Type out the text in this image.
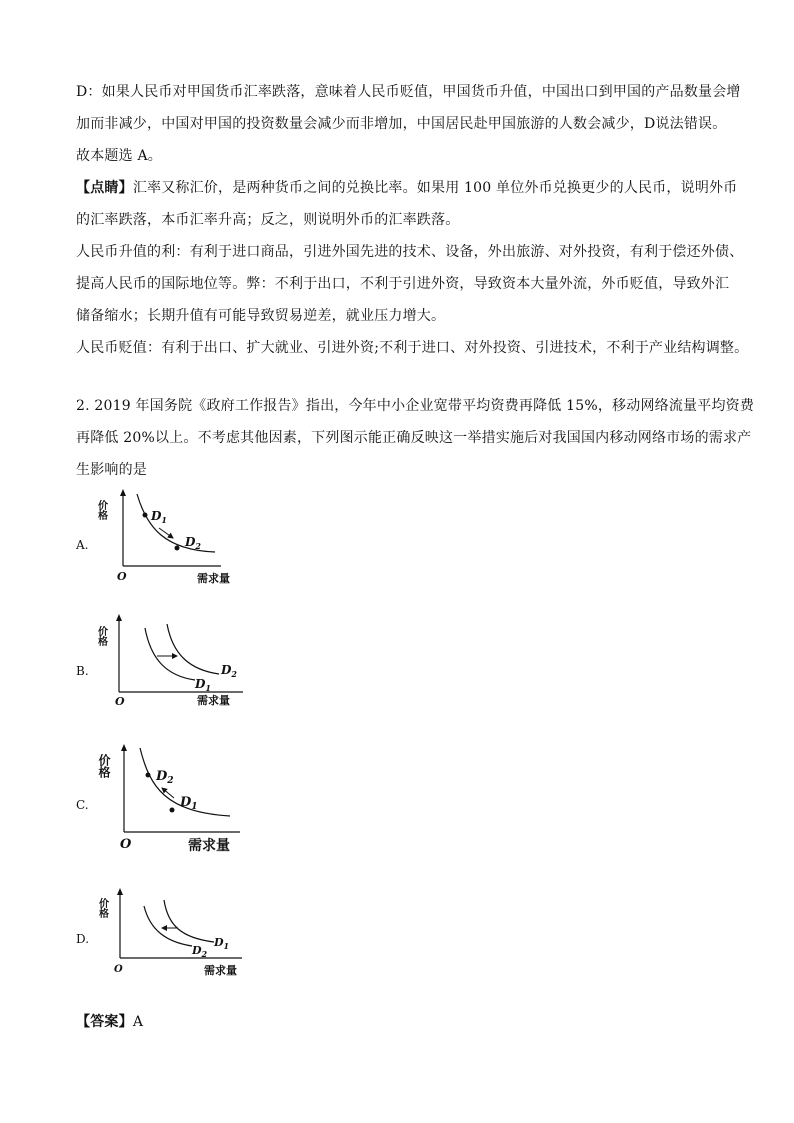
D：如果人民币对甲国货币汇率跌落，意味着人民币贬值，甲国货币升值，中国出口到甲国的产品数量会增
加而非减少，中国对甲国的投资数量会减少而非增加，中国居民赴甲国旅游的人数会减少，D说法错误。
故本题选 A。
【点睛】汇率又称汇价，是两种货币之间的兑换比率。如果用 100 单位外币兑换更少的人民币，说明外币
的汇率跌落，本币汇率升高；反之，则说明外币的汇率跌落。
人民币升值的利：有利于进口商品，引进外国先进的技术、设备，外出旅游、对外投资，有利于偿还外债、
提高人民币的国际地位等。弊：不利于出口，不利于引进外资，导致资本大量外流，外币贬值，导致外汇
储备缩水；长期升值有可能导致贸易逆差，就业压力增大。
人民币贬值：有利于出口、扩大就业、引进外资;不利于进口、对外投资、引进技术，不利于产业结构调整。
2. 2019 年国务院《政府工作报告》指出，今年中小企业宽带平均资费再降低 15%，移动网络流量平均资费
再降低 20%以上。不考虑其他因素，下列图示能正确反映这一举措实施后对我国国内移动网络市场的需求产
生影响的是
A.
价格
O	需求量
$D_1$
$D_2$
B.
价格
O	需求量
$D_1$
$D_2$
C.
价格
O	需求量
$D_2$
$D_1$
D.
价格
O	需求量
$D_1$
$D_2$
【答案】A
